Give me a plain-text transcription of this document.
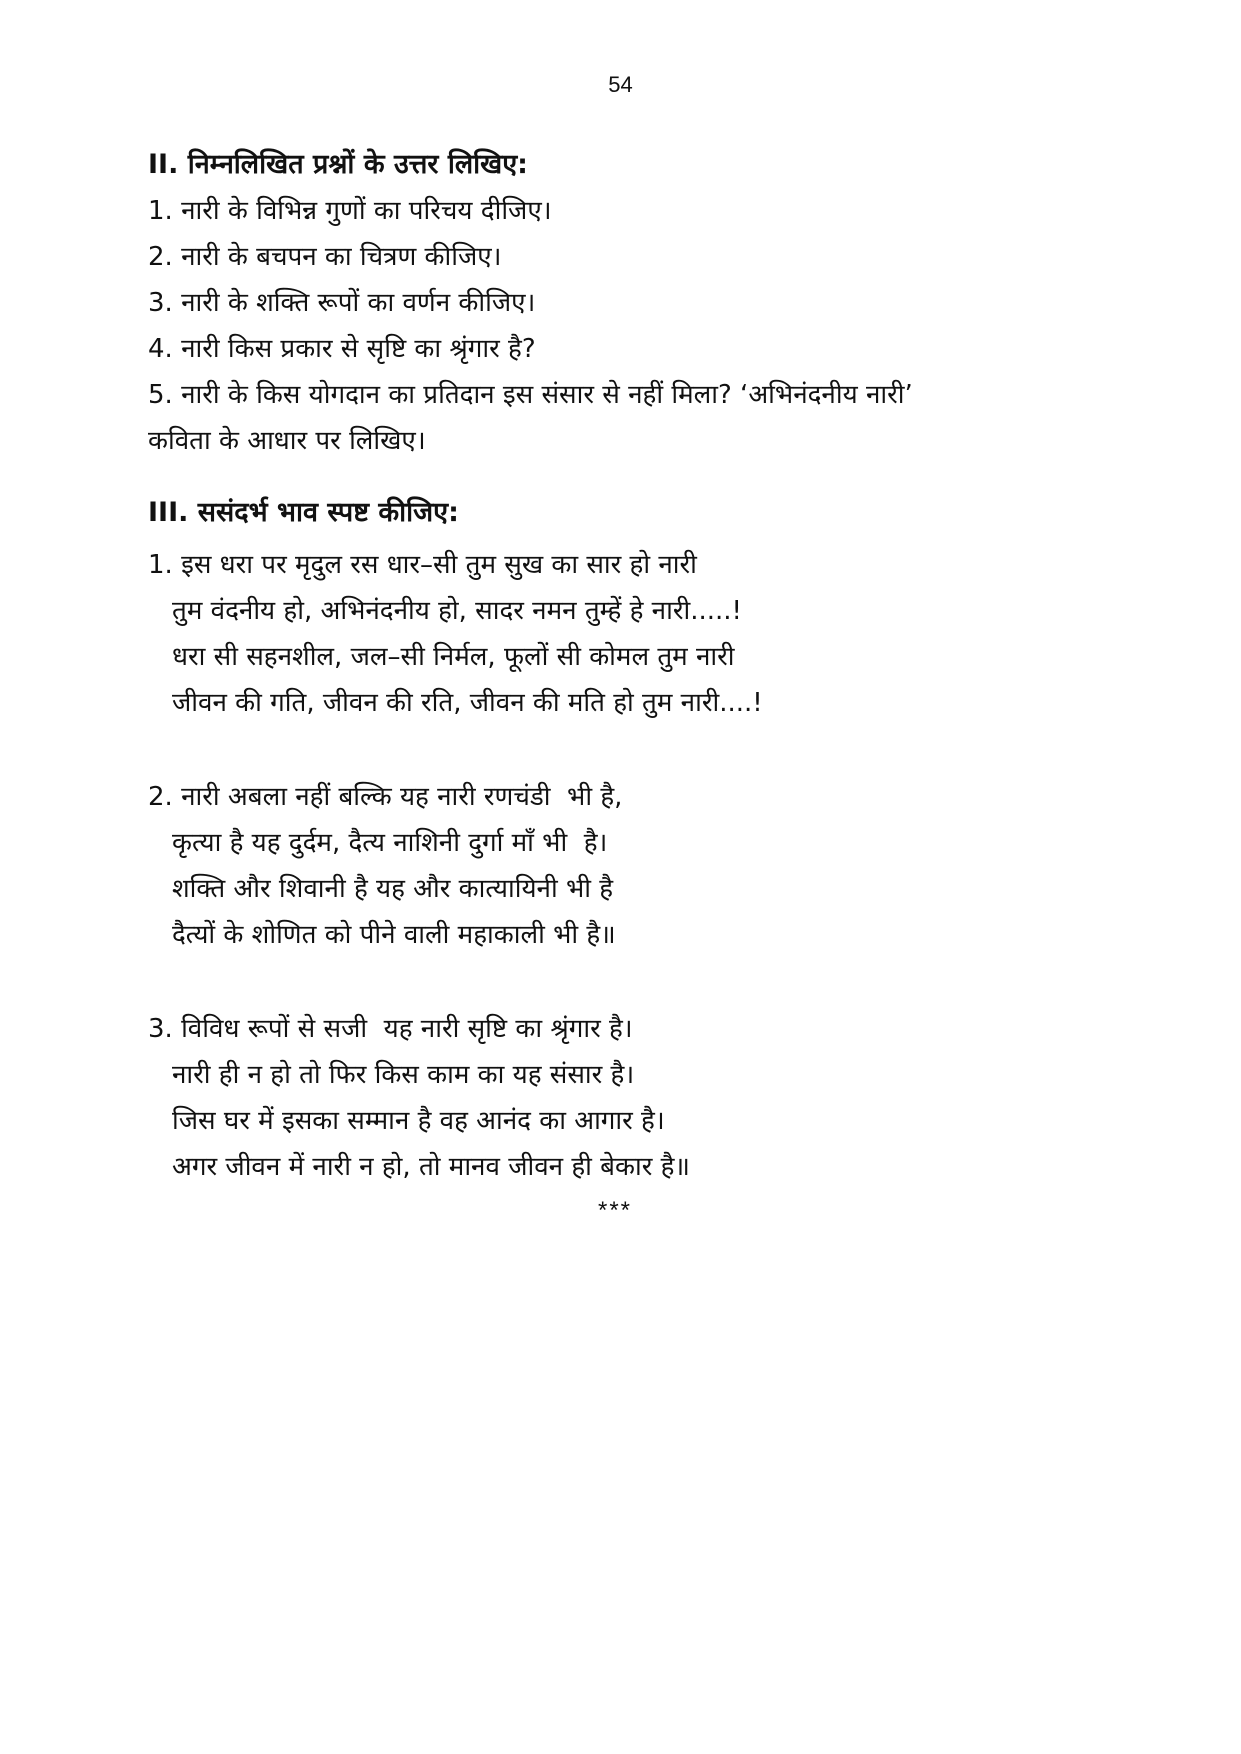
54
II. निम्नलिखित प्रश्नों के उत्तर लिखिए:
1. नारी के विभिन्न गुणों का परिचय दीजिए।
2. नारी के बचपन का चित्रण कीजिए।
3. नारी के शक्ति रूपों का वर्णन कीजिए।
4. नारी किस प्रकार से सृष्टि का श्रृंगार है?
5. नारी के किस योगदान का प्रतिदान इस संसार से नहीं मिला? ‘अभिनंदनीय नारी’
कविता के आधार पर लिखिए।
III. ससंदर्भ भाव स्पष्ट कीजिए:
1. इस धरा पर मृदुल रस धार–सी तुम सुख का सार हो नारी
तुम वंदनीय हो, अभिनंदनीय हो, सादर नमन तुम्हें हे नारी.....!
धरा सी सहनशील, जल–सी निर्मल, फूलों सी कोमल तुम नारी
जीवन की गति, जीवन की रति, जीवन की मति हो तुम नारी....!
2. नारी अबला नहीं बल्कि यह नारी रणचंडी  भी है,
कृत्या है यह दुर्दम, दैत्य नाशिनी दुर्गा माँ भी  है।
शक्ति और शिवानी है यह और कात्यायिनी भी है
दैत्यों के शोणित को पीने वाली महाकाली भी है॥
3. विविध रूपों से सजी  यह नारी सृष्टि का श्रृंगार है।
नारी ही न हो तो फिर किस काम का यह संसार है।
जिस घर में इसका सम्मान है वह आनंद का आगार है।
अगर जीवन में नारी न हो, तो मानव जीवन ही बेकार है॥
***
